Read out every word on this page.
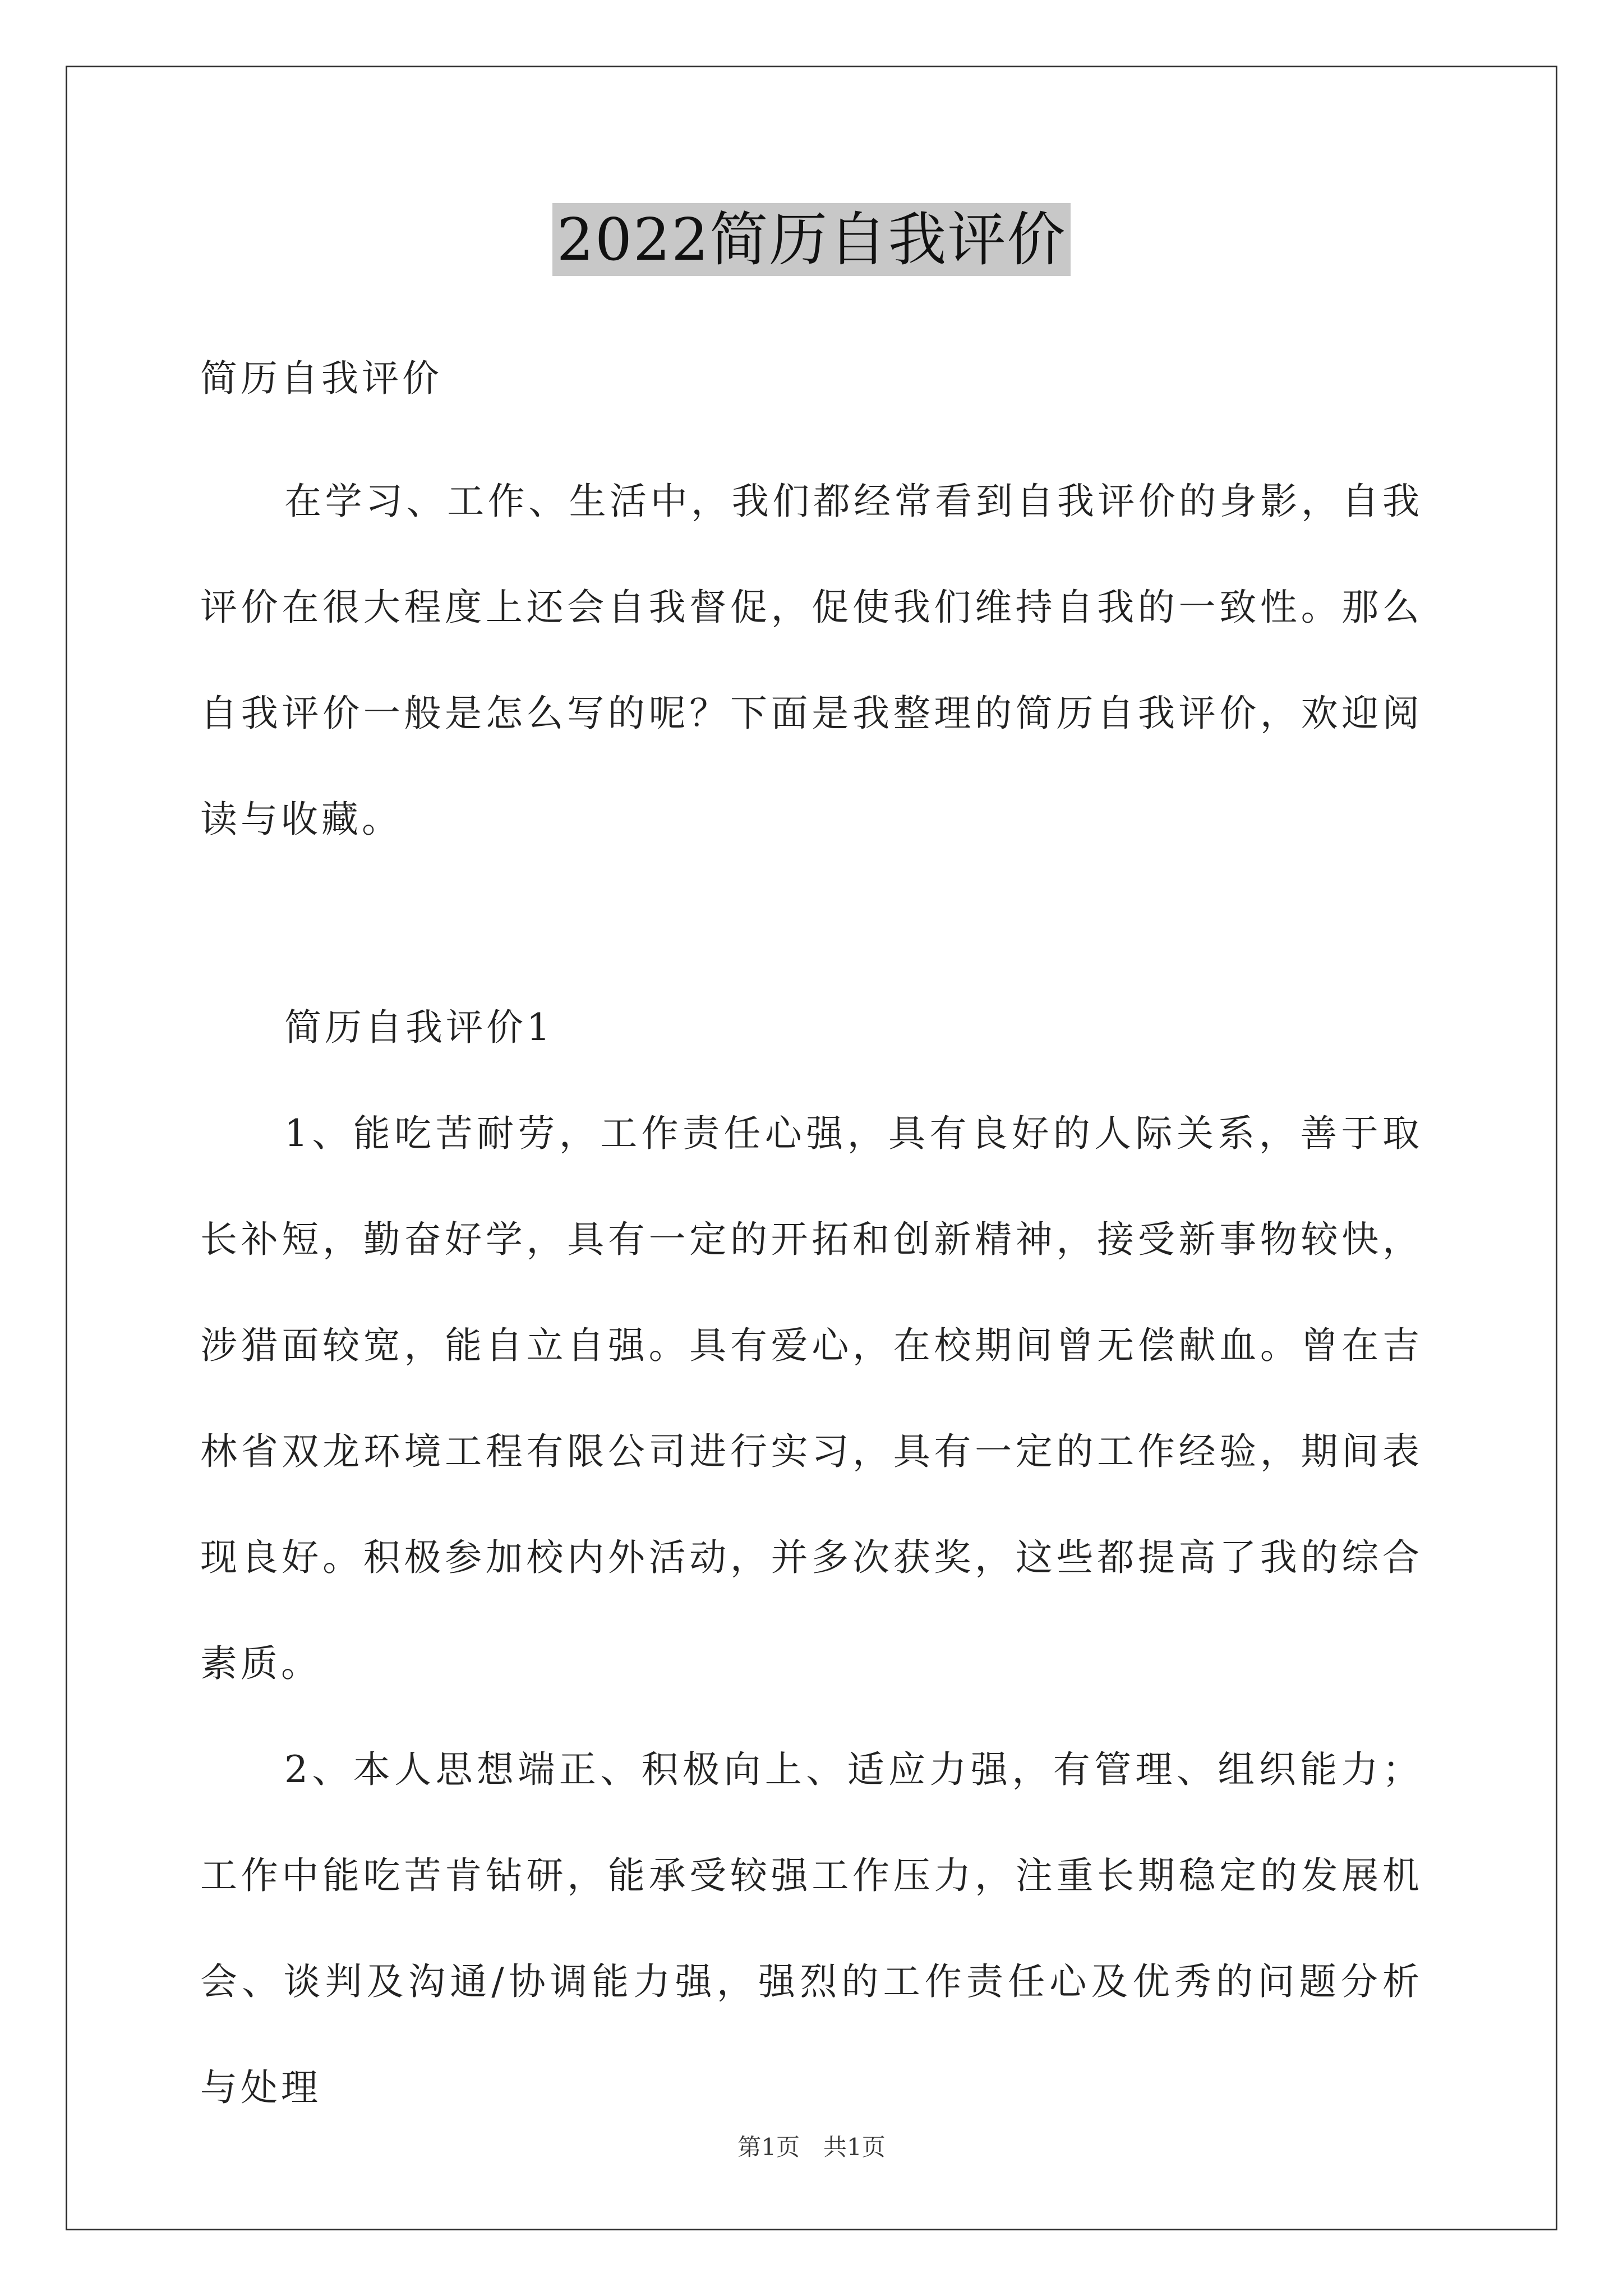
2022简历自我评价

简历自我评价

在学习、工作、生活中，我们都经常看到自我评价的身影，自我评价在很大程度上还会自我督促，促使我们维持自我的一致性。那么自我评价一般是怎么写的呢？下面是我整理的简历自我评价，欢迎阅读与收藏。

简历自我评价1

1、能吃苦耐劳，工作责任心强，具有良好的人际关系，善于取长补短，勤奋好学，具有一定的开拓和创新精神，接受新事物较快，涉猎面较宽，能自立自强。具有爱心，在校期间曾无偿献血。曾在吉林省双龙环境工程有限公司进行实习，具有一定的工作经验，期间表现良好。积极参加校内外活动，并多次获奖，这些都提高了我的综合素质。

2、本人思想端正、积极向上、适应力强，有管理、组织能力；工作中能吃苦肯钻研，能承受较强工作压力，注重长期稳定的发展机会、谈判及沟通/协调能力强，强烈的工作责任心及优秀的问题分析与处理

第1页　共1页
